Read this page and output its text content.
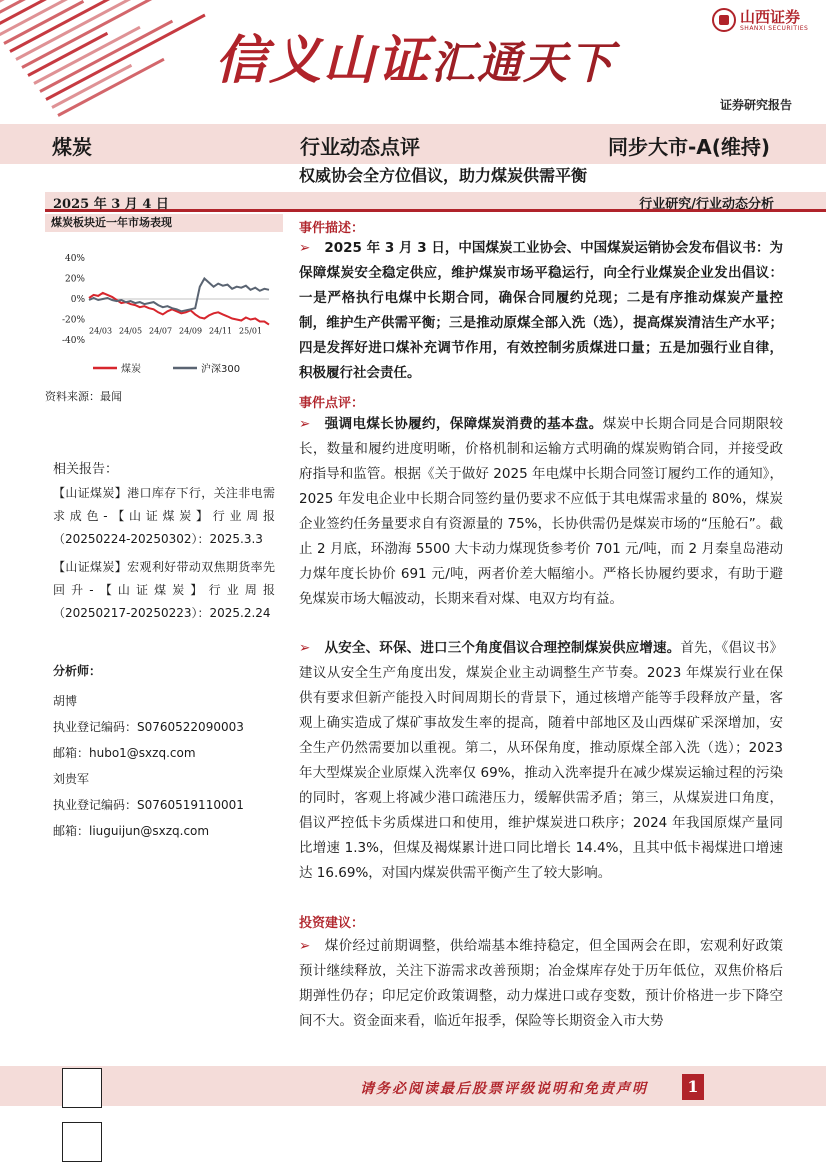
信义山证汇通天下
山西证券
SHANXI SECURITIES
证券研究报告
煤炭	行业动态点评	同步大市-A(维持)
权威协会全方位倡议，助力煤炭供需平衡
2025 年 3 月 4 日	行业研究/行业动态分析
煤炭板块近一年市场表现
40%
20%
0%
-20%
-40%
24/03 24/05 24/07 24/09 24/11 25/01
煤炭	沪深300
资料来源：最闻
相关报告：
【山证煤炭】港口库存下行，关注非电需求成色-【山证煤炭】行业周报（20250224-20250302）：2025.3.3
【山证煤炭】宏观利好带动双焦期货率先回升-【山证煤炭】行业周报（20250217-20250223）：2025.2.24
分析师：
胡博
执业登记编码：S0760522090003
邮箱：hubo1@sxzq.com
刘贵军
执业登记编码：S0760519110001
邮箱：liuguijun@sxzq.com
事件描述：
➢ 2025 年 3 月 3 日，中国煤炭工业协会、中国煤炭运销协会发布倡议书：为保障煤炭安全稳定供应，维护煤炭市场平稳运行，向全行业煤炭企业发出倡议：一是严格执行电煤中长期合同，确保合同履约兑现；二是有序推动煤炭产量控制，维护生产供需平衡；三是推动原煤全部入洗（选），提高煤炭清洁生产水平；四是发挥好进口煤补充调节作用，有效控制劣质煤进口量；五是加强行业自律，积极履行社会责任。
事件点评：
➢ 强调电煤长协履约，保障煤炭消费的基本盘。煤炭中长期合同是合同期限较长，数量和履约进度明晰，价格机制和运输方式明确的煤炭购销合同，并接受政府指导和监管。根据《关于做好 2025 年电煤中长期合同签订履约工作的通知》，2025 年发电企业中长期合同签约量仍要求不应低于其电煤需求量的 80%，煤炭企业签约任务量要求自有资源量的 75%，长协供需仍是煤炭市场的“压舱石”。截止 2 月底，环渤海 5500 大卡动力煤现货参考价 701 元/吨，而 2 月秦皇岛港动力煤年度长协价 691 元/吨，两者价差大幅缩小。严格长协履约要求，有助于避免煤炭市场大幅波动，长期来看对煤、电双方均有益。
➢ 从安全、环保、进口三个角度倡议合理控制煤炭供应增速。首先，《倡议书》建议从安全生产角度出发，煤炭企业主动调整生产节奏。2023 年煤炭行业在保供有要求但新产能投入时间周期长的背景下，通过核增产能等手段释放产量，客观上确实造成了煤矿事故发生率的提高，随着中部地区及山西煤矿采深增加，安全生产仍然需要加以重视。第二，从环保角度，推动原煤全部入洗（选）；2023 年大型煤炭企业原煤入洗率仅 69%，推动入洗率提升在减少煤炭运输过程的污染的同时，客观上将减少港口疏港压力，缓解供需矛盾；第三，从煤炭进口角度，倡议严控低卡劣质煤进口和使用，维护煤炭进口秩序；2024 年我国原煤产量同比增速 1.3%，但煤及褐煤累计进口同比增长 14.4%，且其中低卡褐煤进口增速达 16.69%，对国内煤炭供需平衡产生了较大影响。
投资建议：
➢ 煤价经过前期调整，供给端基本维持稳定，但全国两会在即，宏观利好政策预计继续释放，关注下游需求改善预期；冶金煤库存处于历年低位，双焦价格后期弹性仍存；印尼定价政策调整，动力煤进口或存变数，预计价格进一步下降空间不大。资金面来看，临近年报季，保险等长期资金入市大势
请务必阅读最后股票评级说明和免责声明	1
